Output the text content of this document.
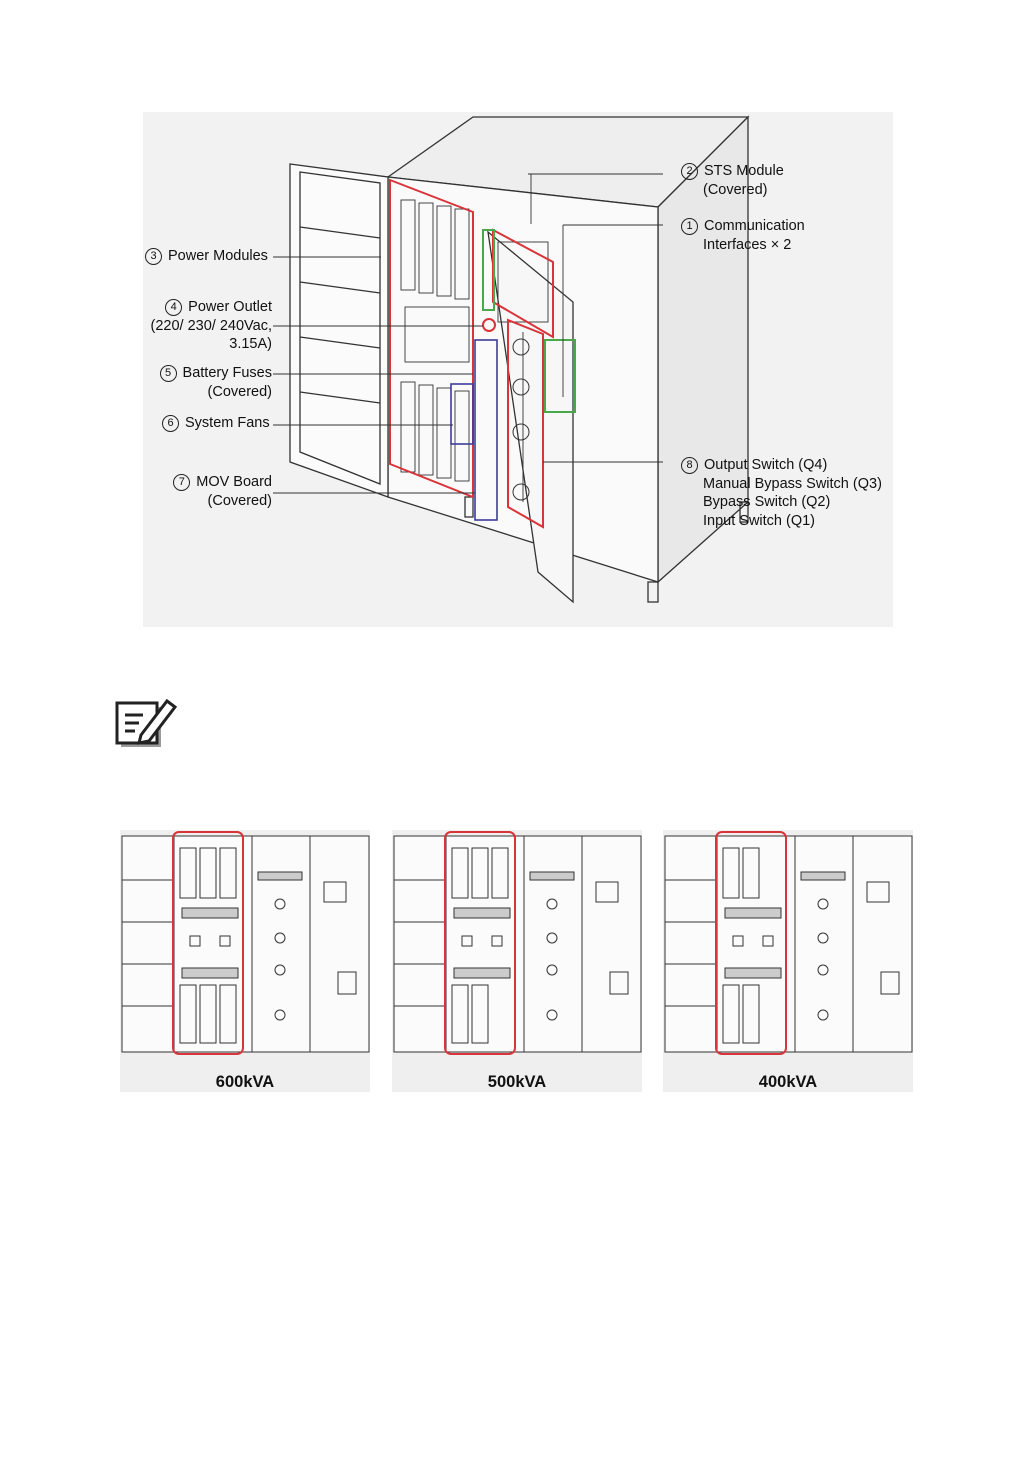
2 STS Module
(Covered)
1 Communication
Interfaces × 2
8 Output Switch (Q4)
Manual Bypass Switch (Q3)
Bypass Switch (Q2)
Input Switch (Q1)
3 Power Modules
4 Power Outlet
(220/ 230/ 240Vac,
3.15A)
5 Battery Fuses
(Covered)
6 System Fans
7 MOV Board
(Covered)
600kVA	500kVA	400kVA
